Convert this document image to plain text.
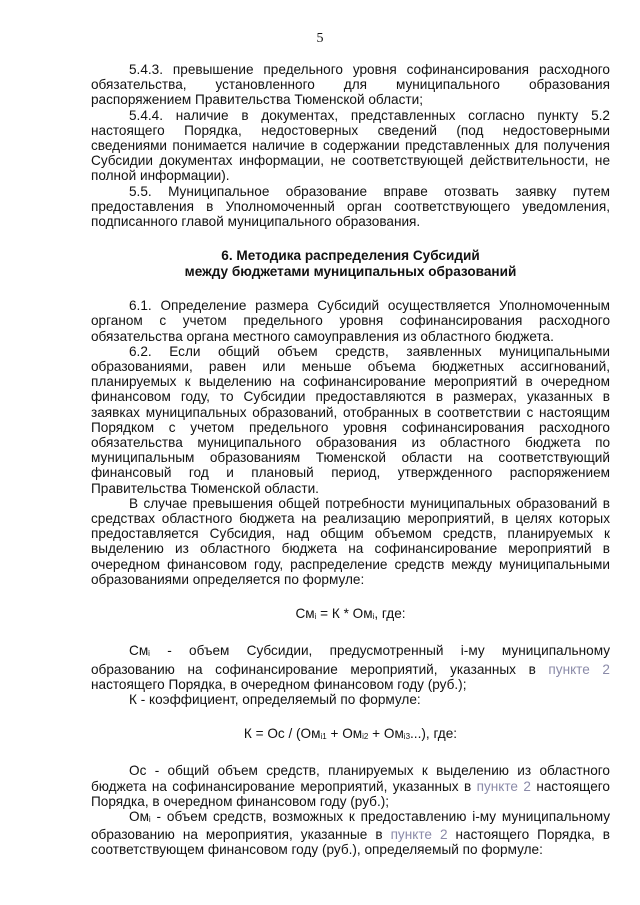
5

5.4.3. превышение предельного уровня софинансирования расходного обязательства, установленного для муниципального образования распоряжением Правительства Тюменской области;

5.4.4. наличие в документах, представленных согласно пункту 5.2 настоящего Порядка, недостоверных сведений (под недостоверными сведениями понимается наличие в содержании представленных для получения Субсидии документах информации, не соответствующей действительности, не полной информации).

5.5. Муниципальное образование вправе отозвать заявку путем предоставления в Уполномоченный орган соответствующего уведомления, подписанного главой муниципального образования.

6. Методика распределения Субсидий
между бюджетами муниципальных образований

6.1. Определение размера Субсидий осуществляется Уполномоченным органом с учетом предельного уровня софинансирования расходного обязательства органа местного самоуправления из областного бюджета.

6.2. Если общий объем средств, заявленных муниципальными образованиями, равен или меньше объема бюджетных ассигнований, планируемых к выделению на софинансирование мероприятий в очередном финансовом году, то Субсидии предоставляются в размерах, указанных в заявках муниципальных образований, отобранных в соответствии с настоящим Порядком с учетом предельного уровня софинансирования расходного обязательства муниципального образования из областного бюджета по муниципальным образованиям Тюменской области на соответствующий финансовый год и плановый период, утвержденного распоряжением Правительства Тюменской области.

В случае превышения общей потребности муниципальных образований в средствах областного бюджета на реализацию мероприятий, в целях которых предоставляется Субсидия, над общим объемом средств, планируемых к выделению из областного бюджета на софинансирование мероприятий в очередном финансовом году, распределение средств между муниципальными образованиями определяется по формуле:

$См_i = К * Ом_i$, где:

$См_i$ - объем Субсидии, предусмотренный i-му муниципальному образованию на софинансирование мероприятий, указанных в пункте 2 настоящего Порядка, в очередном финансовом году (руб.);

К - коэффициент, определяемый по формуле:

К = Ос / $(Ом_{i1} + Ом_{i2} + Ом_{i3}...)$, где:

Ос - общий объем средств, планируемых к выделению из областного бюджета на софинансирование мероприятий, указанных в пункте 2 настоящего Порядка, в очередном финансовом году (руб.);

$Ом_i$ - объем средств, возможных к предоставлению i-му муниципальному образованию на мероприятия, указанные в пункте 2 настоящего Порядка, в соответствующем финансовом году (руб.), определяемый по формуле:
